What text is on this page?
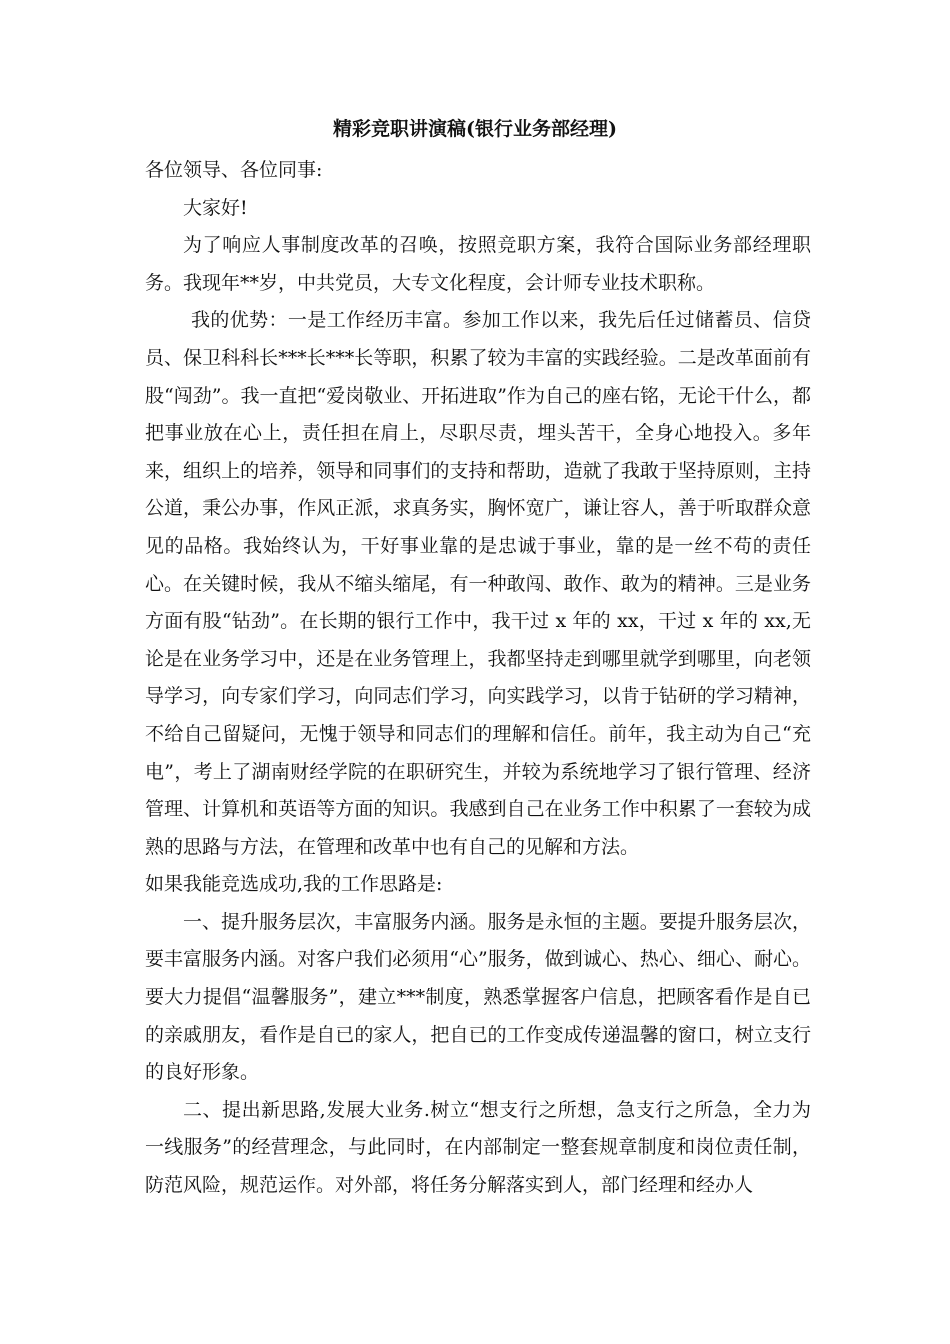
精彩竞职讲演稿(银行业务部经理)

各位领导、各位同事:

大家好!

为了响应人事制度改革的召唤，按照竞职方案，我符合国际业务部经理职务。我现年**岁，中共党员，大专文化程度，会计师专业技术职称。

我的优势：一是工作经历丰富。参加工作以来，我先后任过储蓄员、信贷员、保卫科科长***长***长等职，积累了较为丰富的实践经验。二是改革面前有股“闯劲”。我一直把“爱岗敬业、开拓进取”作为自己的座右铭，无论干什么，都把事业放在心上，责任担在肩上，尽职尽责，埋头苦干，全身心地投入。多年来，组织上的培养，领导和同事们的支持和帮助，造就了我敢于坚持原则，主持公道，秉公办事，作风正派，求真务实，胸怀宽广，谦让容人，善于听取群众意见的品格。我始终认为，干好事业靠的是忠诚于事业，靠的是一丝不苟的责任心。在关键时候，我从不缩头缩尾，有一种敢闯、敢作、敢为的精神。三是业务方面有股“钻劲”。在长期的银行工作中，我干过 x 年的 xx，干过 x 年的 xx,无论是在业务学习中，还是在业务管理上，我都坚持走到哪里就学到哪里，向老领导学习，向专家们学习，向同志们学习，向实践学习，以肯于钻研的学习精神，不给自己留疑问，无愧于领导和同志们的理解和信任。前年，我主动为自己“充电”，考上了湖南财经学院的在职研究生，并较为系统地学习了银行管理、经济管理、计算机和英语等方面的知识。我感到自己在业务工作中积累了一套较为成熟的思路与方法，在管理和改革中也有自己的见解和方法。

如果我能竞选成功,我的工作思路是:

一、提升服务层次，丰富服务内涵。服务是永恒的主题。要提升服务层次，要丰富服务内涵。对客户我们必须用“心”服务，做到诚心、热心、细心、耐心。要大力提倡“温馨服务”，建立***制度，熟悉掌握客户信息，把顾客看作是自已的亲戚朋友，看作是自已的家人，把自已的工作变成传递温馨的窗口，树立支行的良好形象。

二、提出新思路,发展大业务.树立“想支行之所想，急支行之所急，全力为一线服务”的经营理念，与此同时，在内部制定一整套规章制度和岗位责任制，防范风险，规范运作。对外部，将任务分解落实到人，部门经理和经办人
